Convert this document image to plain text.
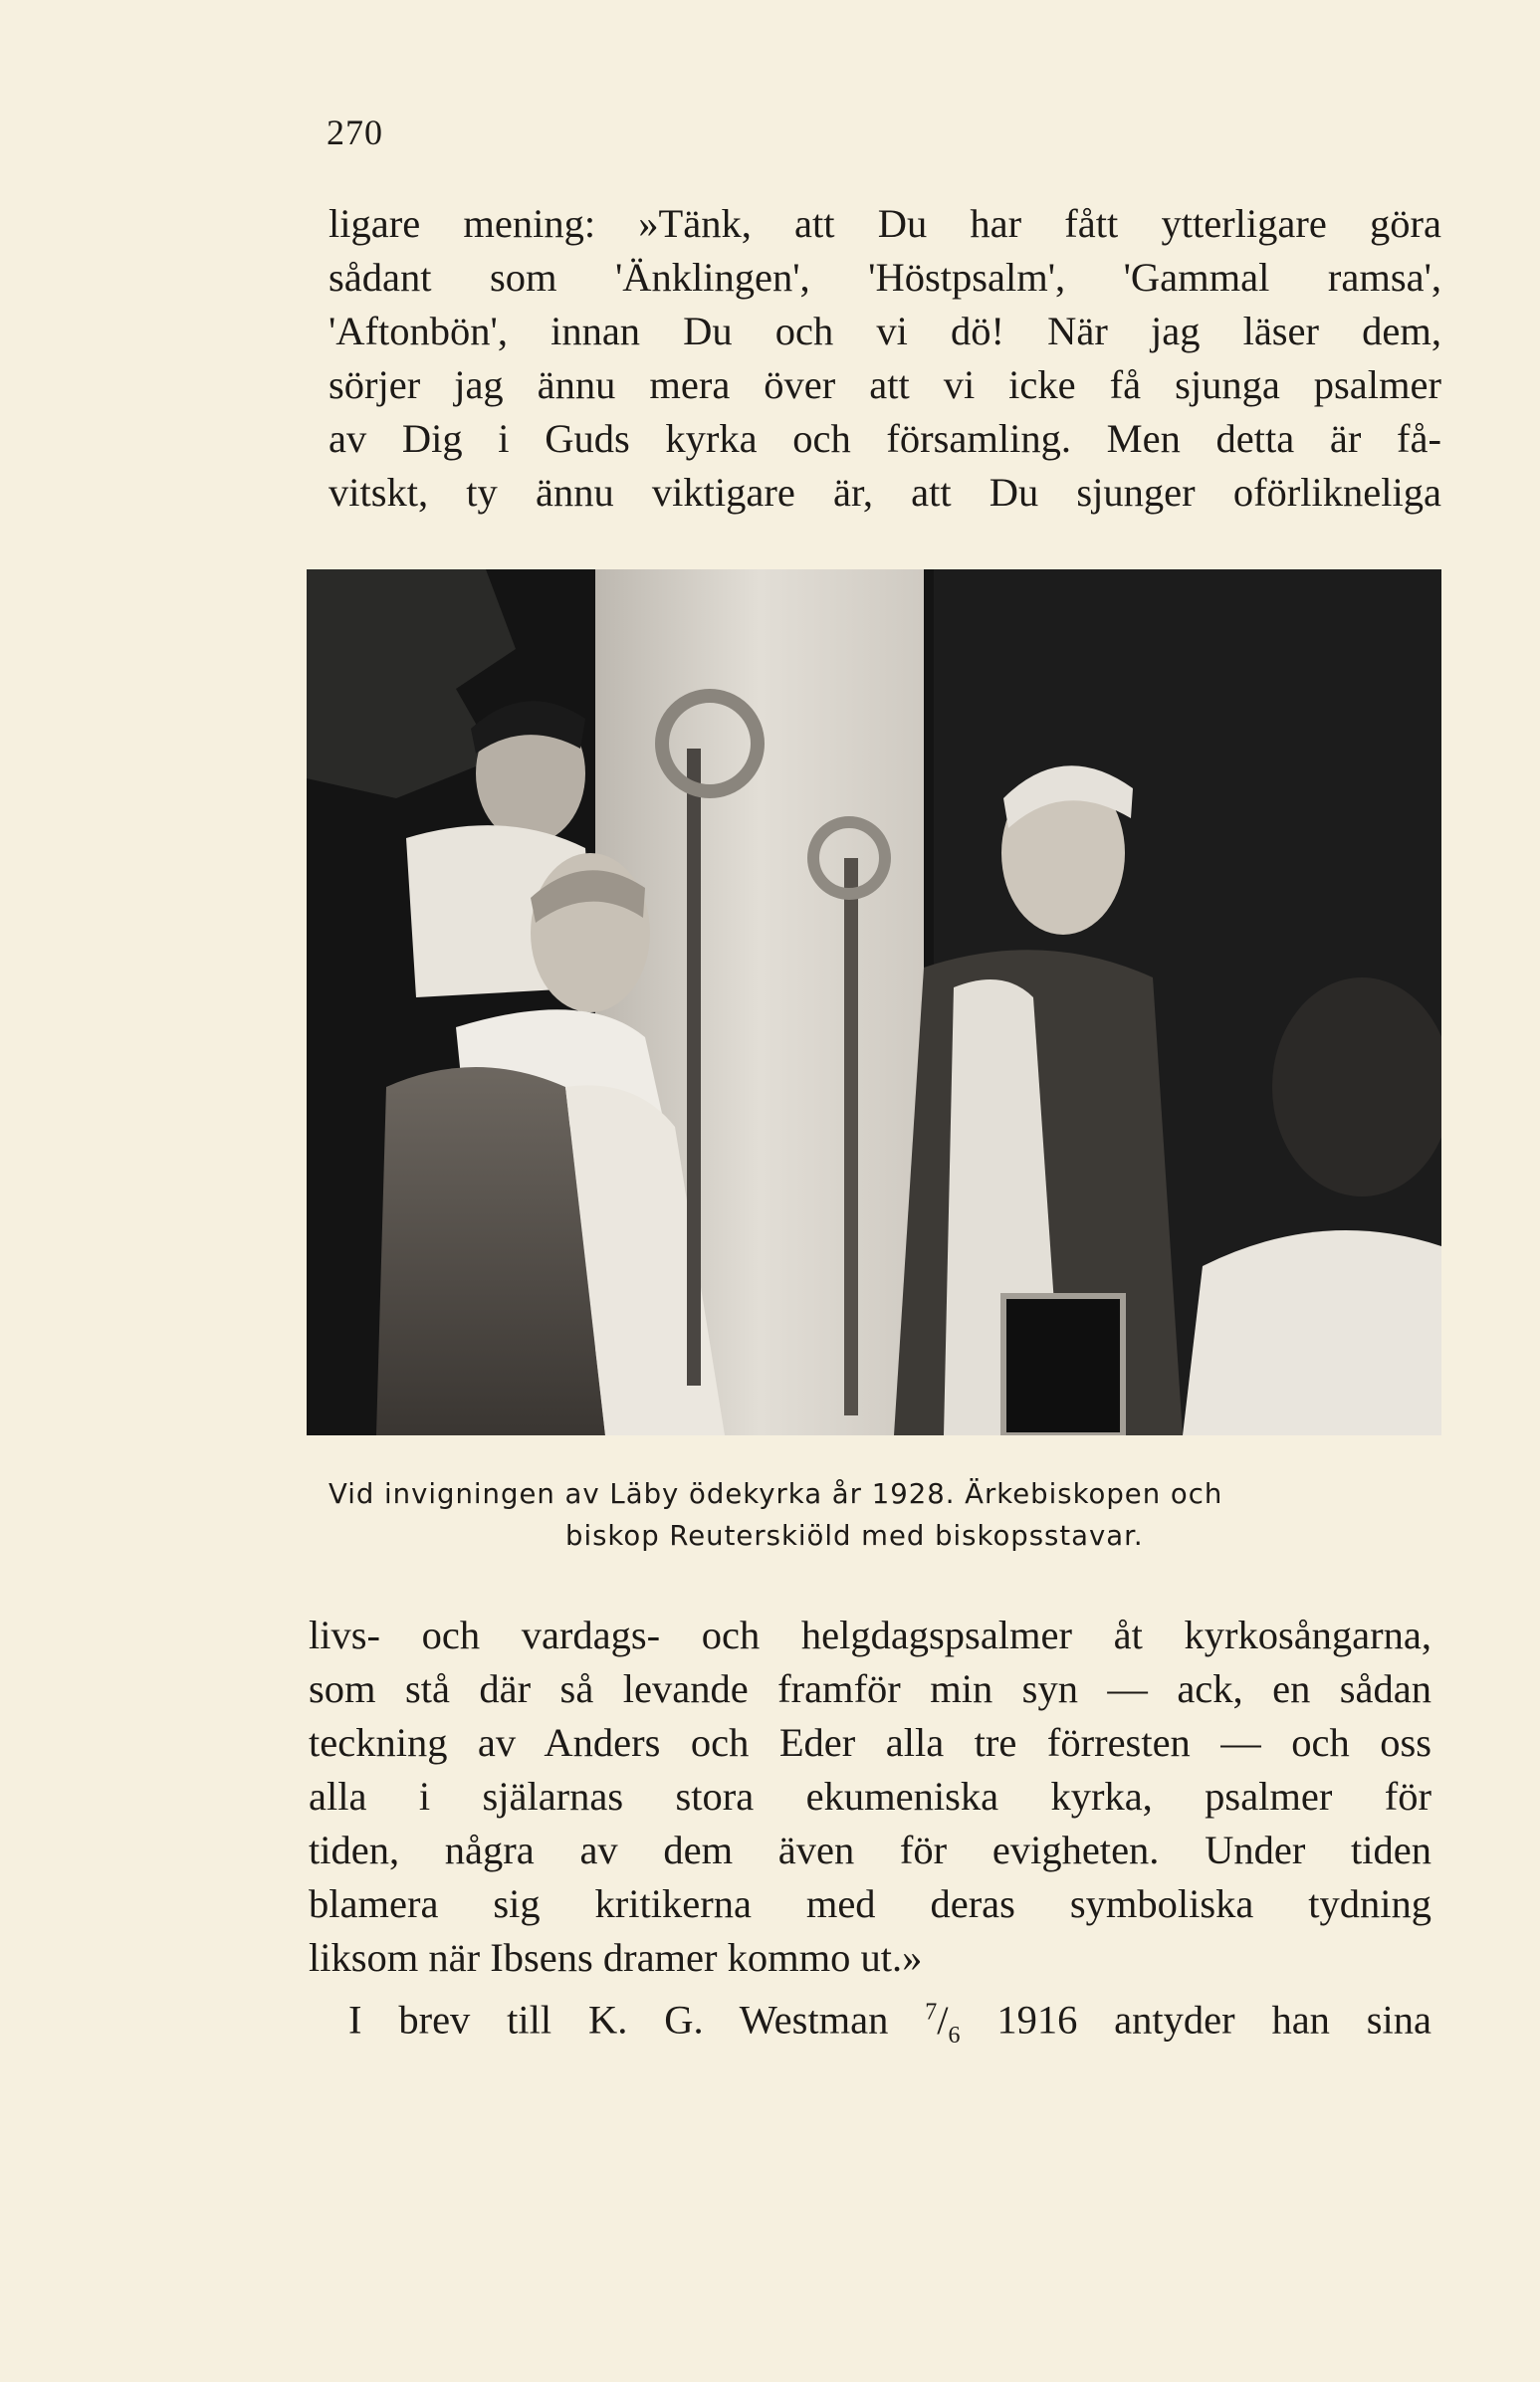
270
ligare mening: »Tänk, att Du har fått ytterligare göra
sådant som 'Änklingen', 'Höstpsalm', 'Gammal ramsa',
'Aftonbön', innan Du och vi dö! När jag läser dem,
sörjer jag ännu mera över att vi icke få sjunga psalmer
av Dig i Guds kyrka och församling. Men detta är få-
vitskt, ty ännu viktigare är, att Du sjunger oförlikneliga
Vid invigningen av Läby ödekyrka år 1928. Ärkebiskopen och
biskop Reuterskiöld med biskopsstavar.
livs- och vardags- och helgdagspsalmer åt kyrkosångarna,
som stå där så levande framför min syn — ack, en sådan
teckning av Anders och Eder alla tre förresten — och oss
alla i själarnas stora ekumeniska kyrka, psalmer för
tiden, några av dem även för evigheten. Under tiden
blamera sig kritikerna med deras symboliska tydning
liksom när Ibsens dramer kommo ut.»
I brev till K. G. Westman $^7/_6$ 1916 antyder han sina
